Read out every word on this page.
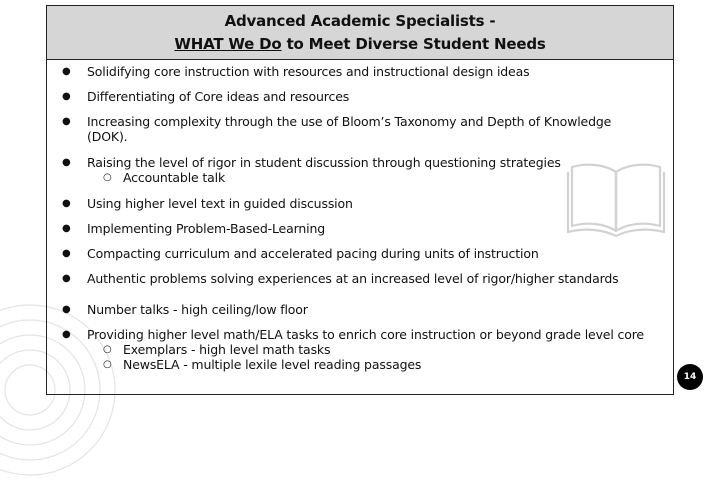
Advanced Academic Specialists -
WHAT We Do to Meet Diverse Student Needs
● Solidifying core instruction with resources and instructional design ideas
● Differentiating of Core ideas and resources
● Increasing complexity through the use of Bloom’s Taxonomy and Depth of Knowledge (DOK).
● Raising the level of rigor in student discussion through questioning strategies
○ Accountable talk
● Using higher level text in guided discussion
● Implementing Problem-Based-Learning
● Compacting curriculum and accelerated pacing during units of instruction
● Authentic problems solving experiences at an increased level of rigor/higher standards
● Number talks - high ceiling/low floor
● Providing higher level math/ELA tasks to enrich core instruction or beyond grade level core
○ Exemplars - high level math tasks
○ NewsELA - multiple lexile level reading passages
14
